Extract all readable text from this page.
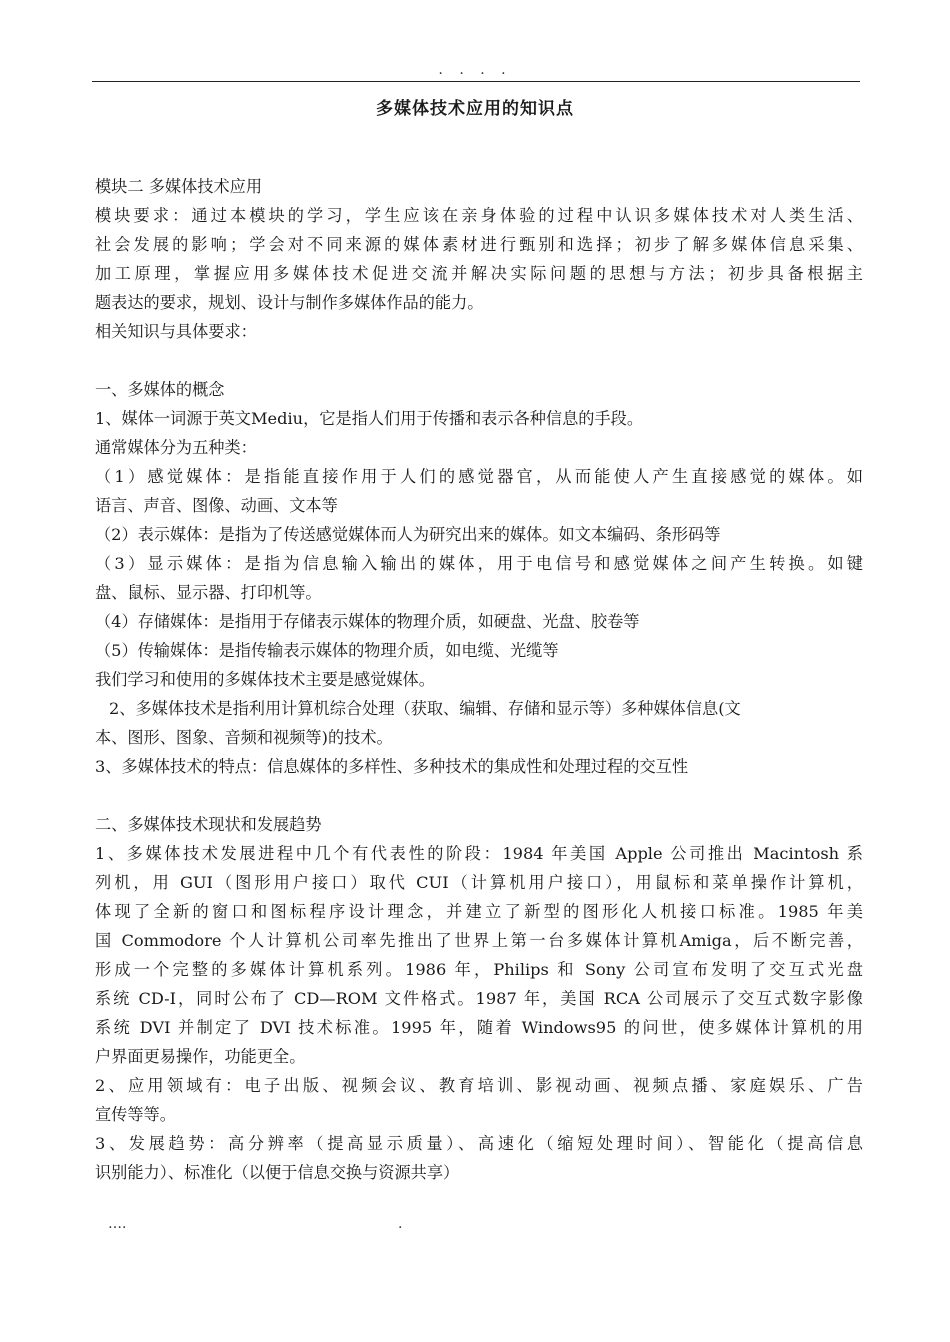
. . . .
多媒体技术应用的知识点
模块二 多媒体技术应用
模块要求：通过本模块的学习，学生应该在亲身体验的过程中认识多媒体技术对人类生活、
社会发展的影响；学会对不同来源的媒体素材进行甄别和选择；初步了解多媒体信息采集、
加工原理，掌握应用多媒体技术促进交流并解决实际问题的思想与方法；初步具备根据主
题表达的要求，规划、设计与制作多媒体作品的能力。
相关知识与具体要求：
一、多媒体的概念
1、媒体一词源于英文Mediu，它是指人们用于传播和表示各种信息的手段。
通常媒体分为五种类：
（1）感觉媒体：是指能直接作用于人们的感觉器官，从而能使人产生直接感觉的媒体。如
语言、声音、图像、动画、文本等
（2）表示媒体：是指为了传送感觉媒体而人为研究出来的媒体。如文本编码、条形码等
（3）显示媒体：是指为信息输入输出的媒体，用于电信号和感觉媒体之间产生转换。如键
盘、鼠标、显示器、打印机等。
（4）存储媒体：是指用于存储表示媒体的物理介质，如硬盘、光盘、胶卷等
（5）传输媒体：是指传输表示媒体的物理介质，如电缆、光缆等
我们学习和使用的多媒体技术主要是感觉媒体。
2、多媒体技术是指利用计算机综合处理（获取、编辑、存储和显示等）多种媒体信息(文
本、图形、图象、音频和视频等)的技术。
3、多媒体技术的特点：信息媒体的多样性、多种技术的集成性和处理过程的交互性
二、多媒体技术现状和发展趋势
1、多媒体技术发展进程中几个有代表性的阶段：1984 年美国 Apple 公司推出 Macintosh 系
列机，用 GUI（图形用户接口）取代 CUI（计算机用户接口），用鼠标和菜单操作计算机，
体现了全新的窗口和图标程序设计理念，并建立了新型的图形化人机接口标准。1985 年美
国 Commodore 个人计算机公司率先推出了世界上第一台多媒体计算机Amiga，后不断完善，
形成一个完整的多媒体计算机系列。1986 年，Philips 和 Sony 公司宣布发明了交互式光盘
系统 CD-I，同时公布了 CD—ROM 文件格式。1987 年，美国 RCA 公司展示了交互式数字影像
系统 DVI 并制定了 DVI 技术标准。1995 年，随着 Windows95 的问世，使多媒体计算机的用
户界面更易操作，功能更全。
2、应用领域有：电子出版、视频会议、教育培训、影视动画、视频点播、家庭娱乐、广告
宣传等等。
3、发展趋势：高分辨率（提高显示质量）、高速化（缩短处理时间）、智能化（提高信息
识别能力）、标准化（以便于信息交换与资源共享）
….	.
